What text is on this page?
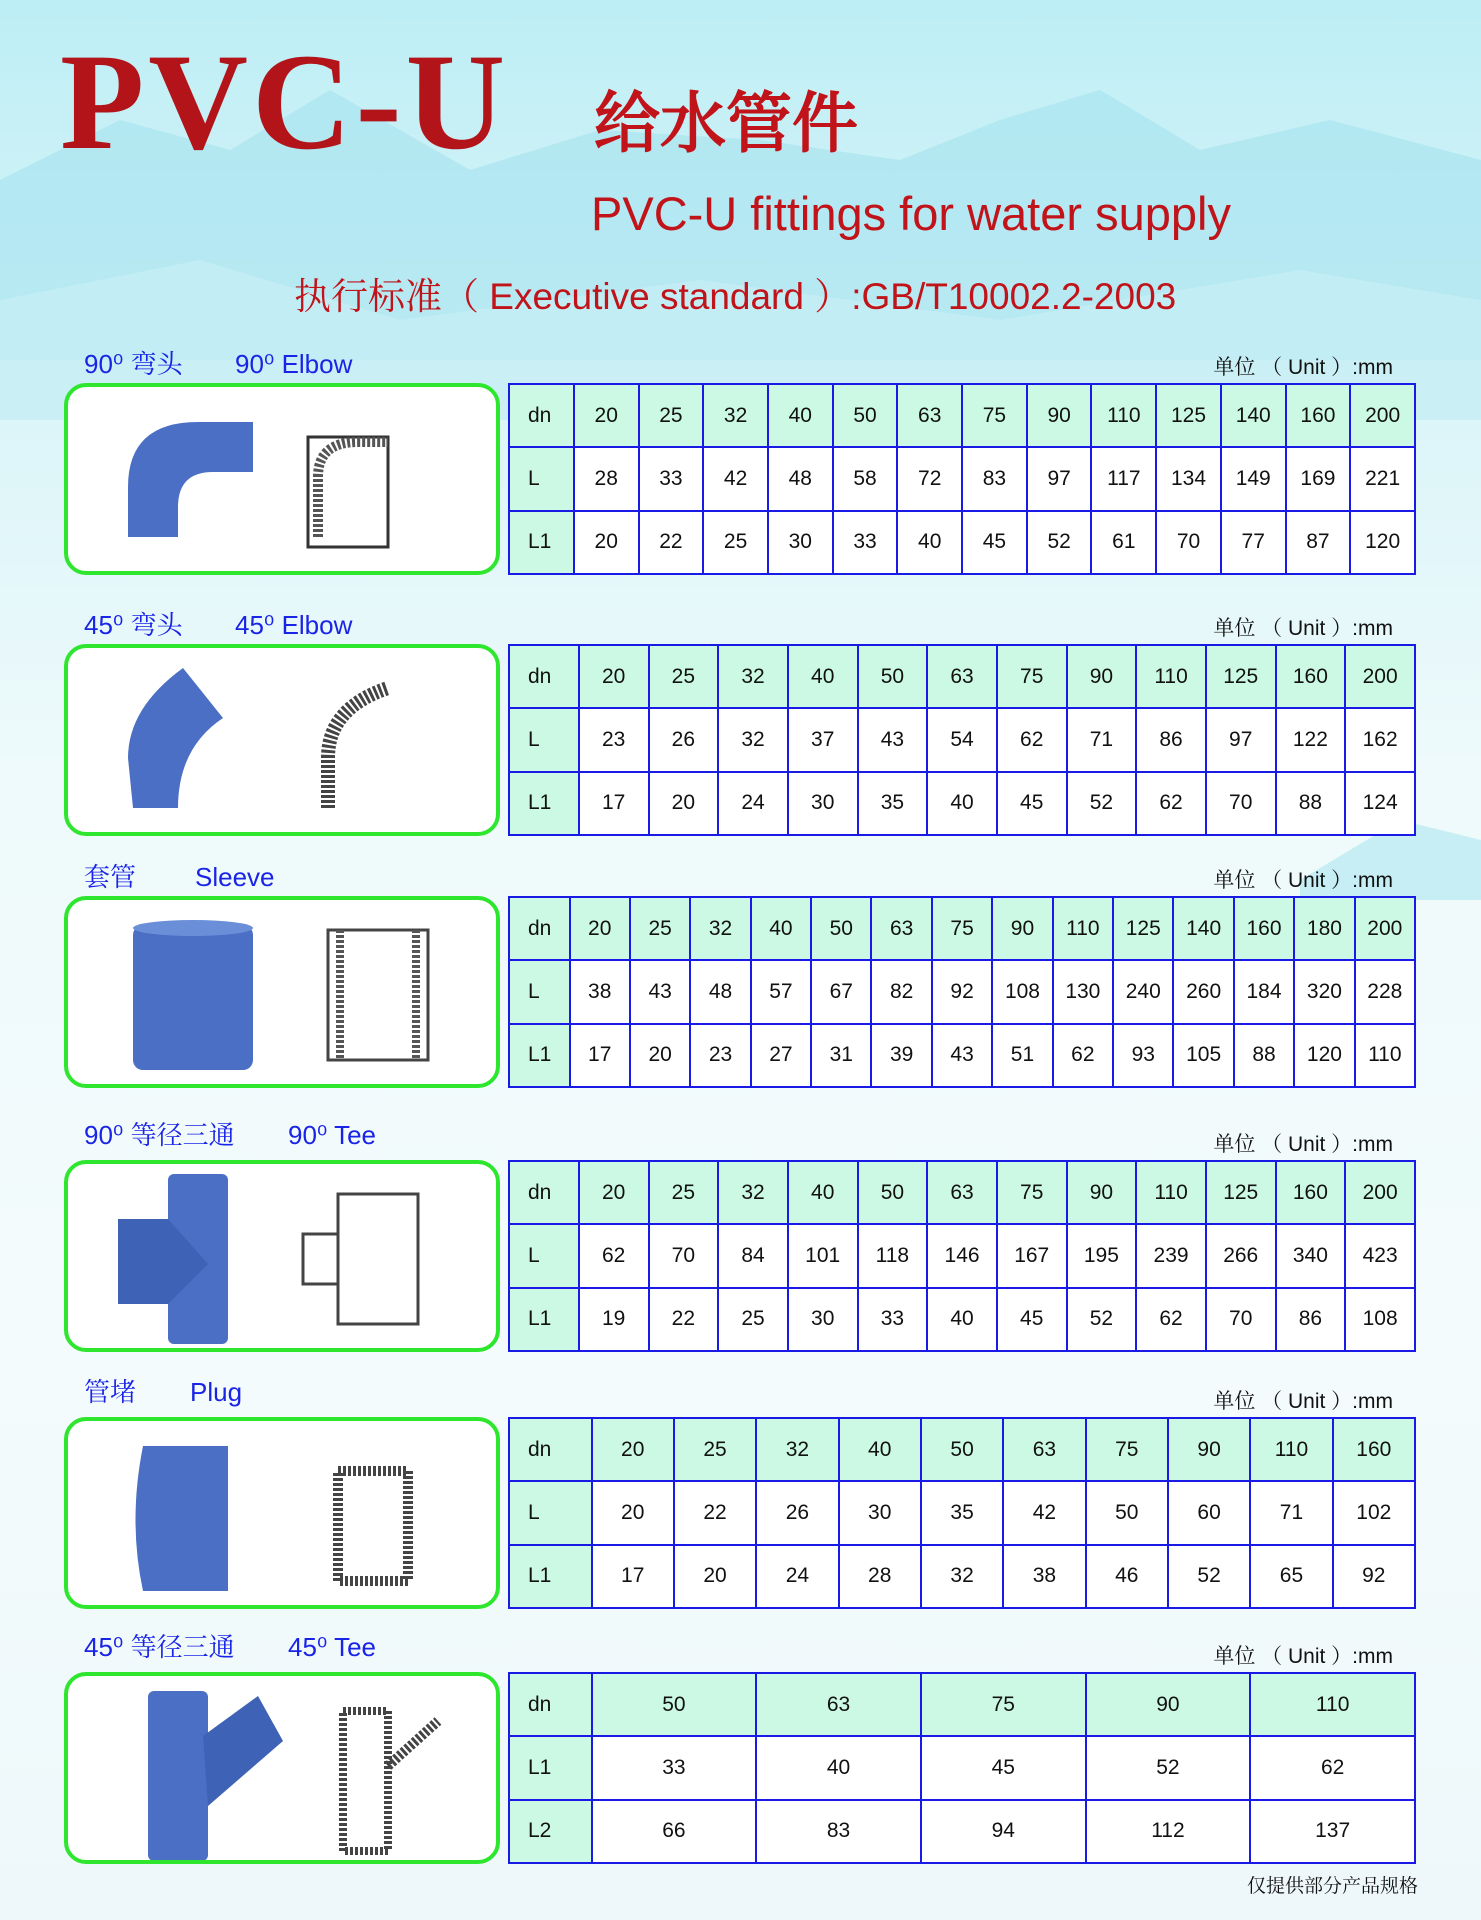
PVC-U 给水管件
PVC-U fittings for water supply
执行标准（ Executive standard ）:GB/T10002.2-2003
dn	20	25	32	40	50	63	75	90	110	125	140	160	200
L	28	33	42	48	58	72	83	97	117	134	149	169	221
L1	20	22	25	30	33	40	45	52	61	70	77	87	120
90⁰ 弯头 90⁰ Elbow	单位 （ Unit ）:mm
dn	20	25	32	40	50	63	75	90	110	125	160	200
L	23	26	32	37	43	54	62	71	86	97	122	162
L1	17	20	24	30	35	40	45	52	62	70	88	124
45⁰ 弯头 45⁰ Elbow	单位 （ Unit ）:mm
dn	20	25	32	40	50	63	75	90	110	125	140	160	180	200
L	38	43	48	57	67	82	92	108	130	240	260	184	320	228
L1	17	20	23	27	31	39	43	51	62	93	105	88	120	110
套管 Sleeve	单位 （ Unit ）:mm
dn	20	25	32	40	50	63	75	90	110	125	160	200
L	62	70	84	101	118	146	167	195	239	266	340	423
L1	19	22	25	30	33	40	45	52	62	70	86	108
90⁰ 等径三通 90⁰ Tee	单位 （ Unit ）:mm
dn	20	25	32	40	50	63	75	90	110	160
L	20	22	26	30	35	42	50	60	71	102
L1	17	20	24	28	32	38	46	52	65	92
管堵 Plug	单位 （ Unit ）:mm
dn	50	63	75	90	110
L1	33	40	45	52	62
L2	66	83	94	112	137
45⁰ 等径三通 45⁰ Tee	单位 （ Unit ）:mm
仅提供部分产品规格
